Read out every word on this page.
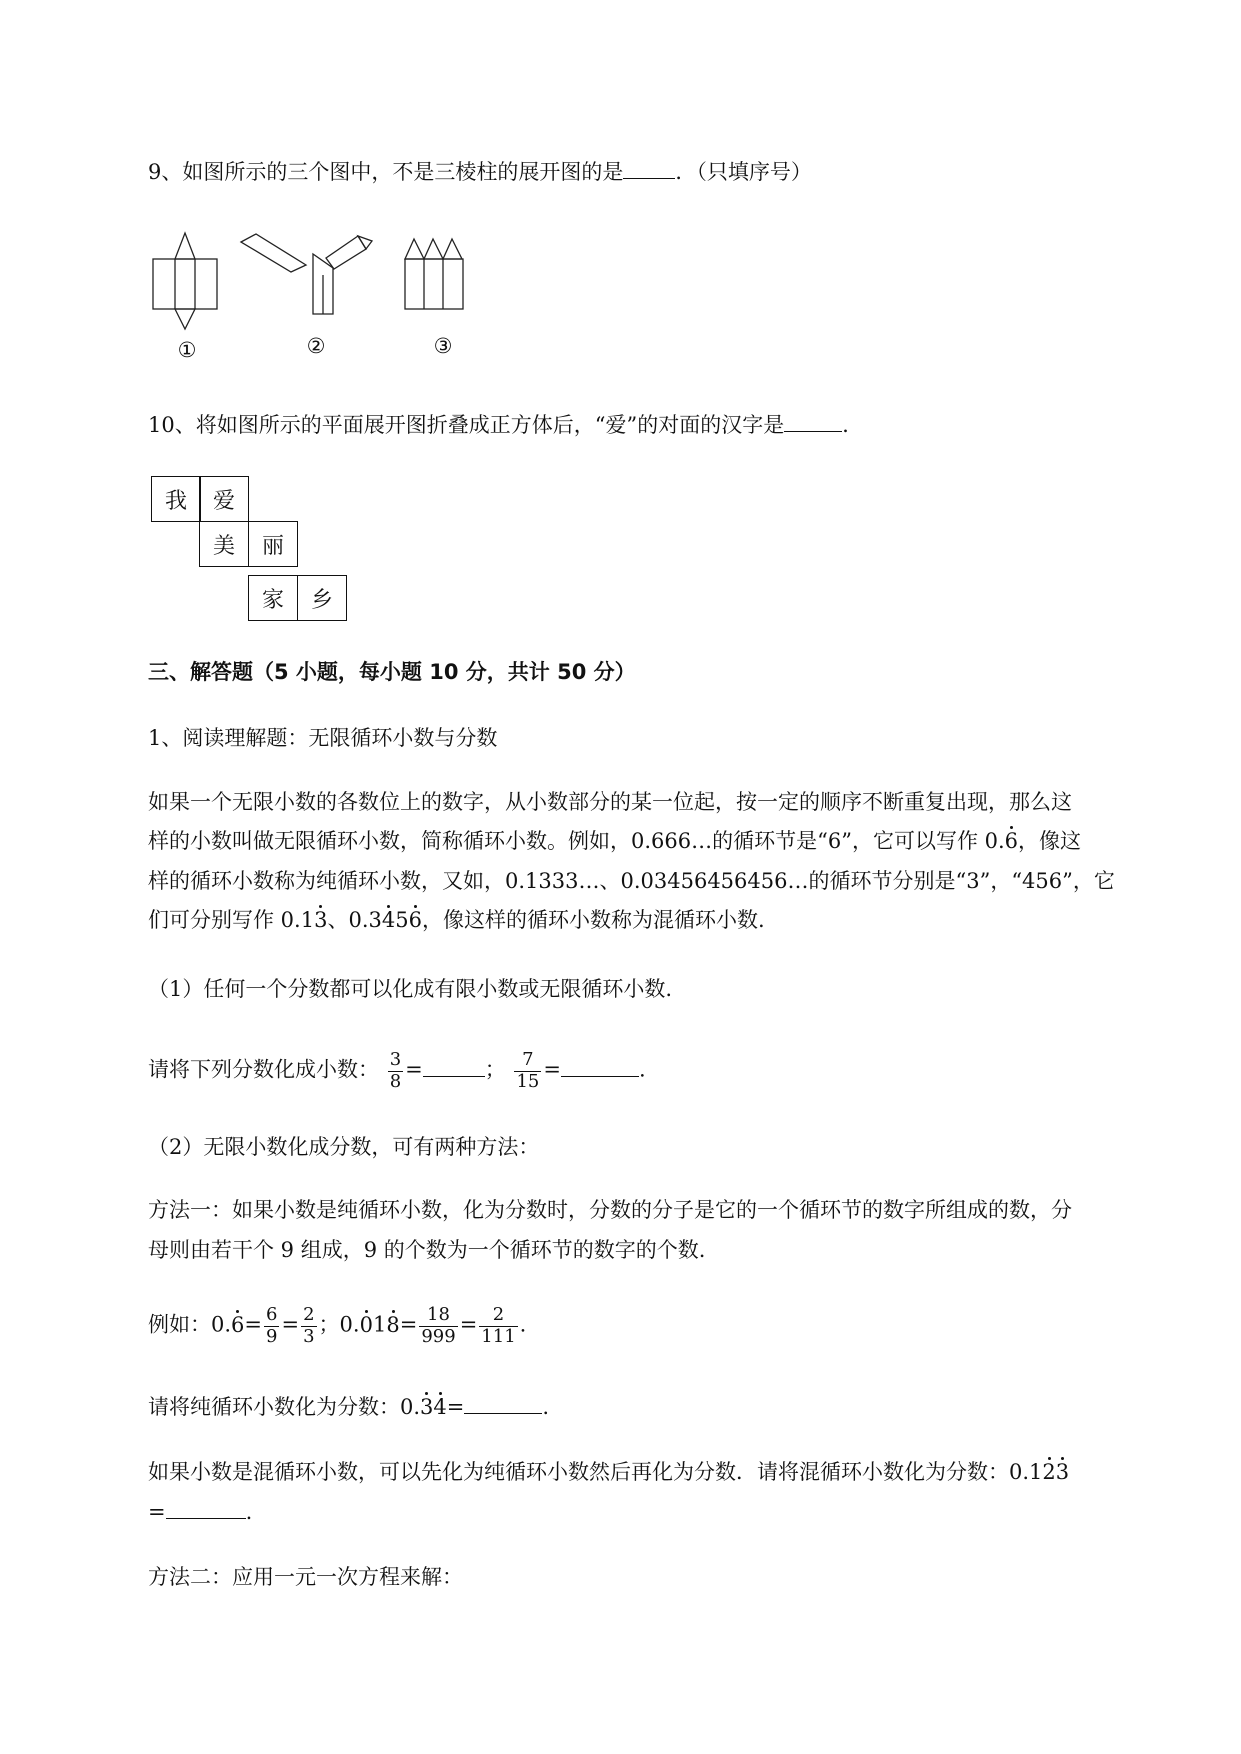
9、如图所示的三个图中，不是三棱柱的展开图的是 ．（只填序号）
①	②	③
10、将如图所示的平面展开图折叠成正方体后，“爱”的对面的汉字是	．
我	爱
美	丽
家	乡
三、解答题（5 小题，每小题 10 分，共计 50 分）
1、阅读理解题：无限循环小数与分数
如果一个无限小数的各数位上的数字，从小数部分的某一位起，按一定的顺序不断重复出现，那么这
样的小数叫做无限循环小数，简称循环小数。例如，0.666…的循环节是“6”，它可以写作 0.6，像这
样的循环小数称为纯循环小数，又如，0.1333…、0.03456456456…的循环节分别是“3”，“456”，它
们可分别写作 0.13、0.3456，像这样的循环小数称为混循环小数.
（1）任何一个分数都可以化成有限小数或无限循环小数.
请将下列分数化成小数： $\frac{3}{8}$ =	； $\frac{7}{15}$ =	.
（2）无限小数化成分数，可有两种方法：
方法一：如果小数是纯循环小数，化为分数时，分数的分子是它的一个循环节的数字所组成的数，分
母则由若干个 9 组成，9 的个数为一个循环节的数字的个数.
例如：$0.6= \frac{6}{9} = \frac{2}{3}$ ；$0.018= \frac{18}{999} = \frac{2}{111}$ .
请将纯循环小数化为分数：0.34=	.
如果小数是混循环小数，可以先化为纯循环小数然后再化为分数．请将混循环小数化为分数：0.123
=	.
方法二：应用一元一次方程来解：
